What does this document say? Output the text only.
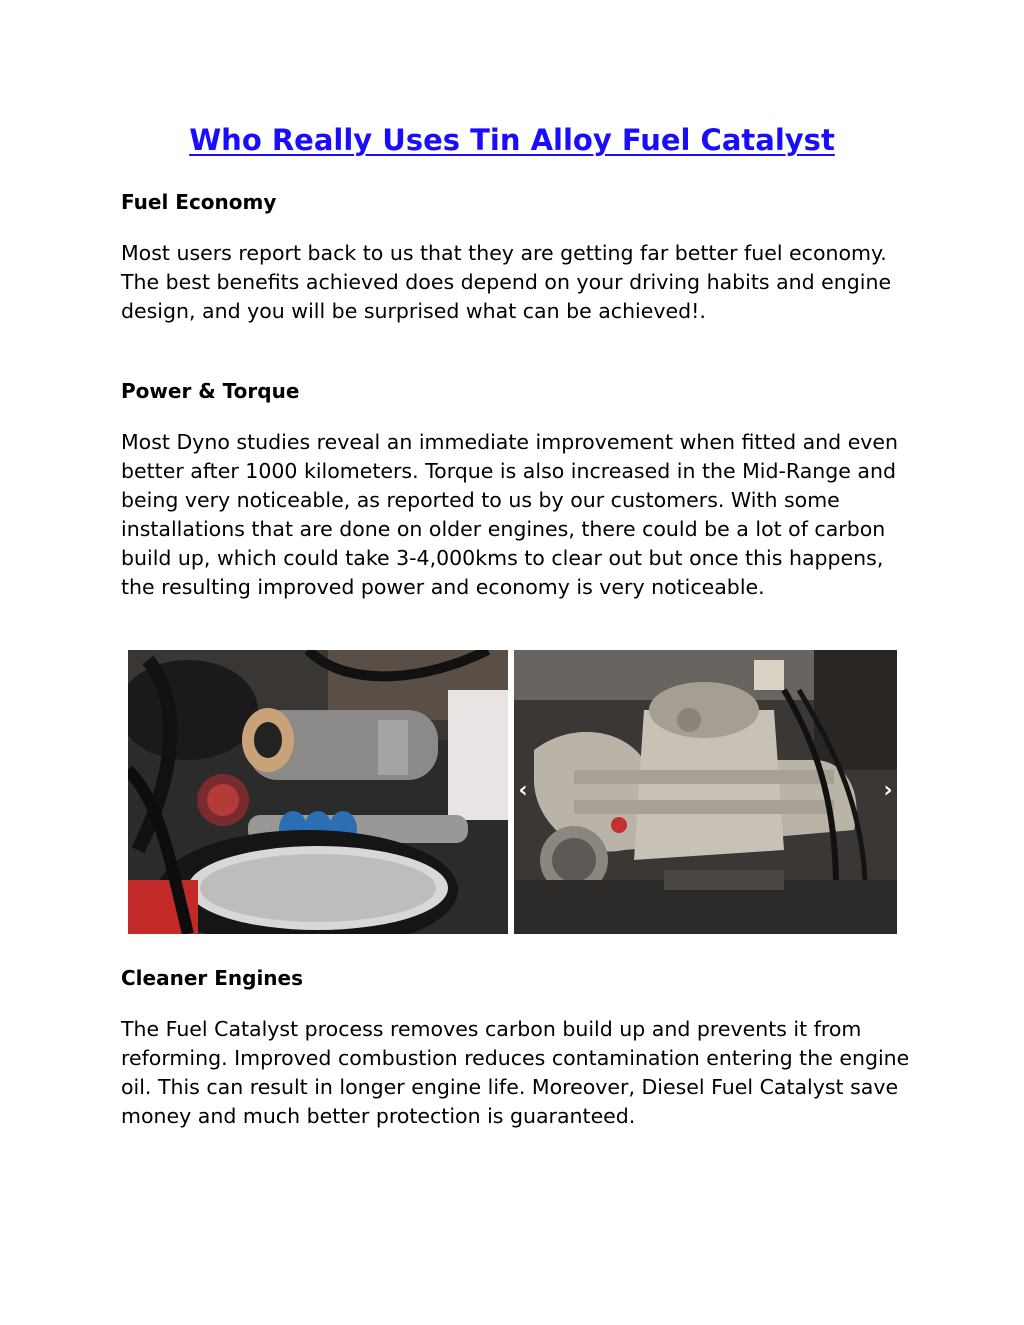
Who Really Uses Tin Alloy Fuel Catalyst
Fuel Economy

Most users report back to us that they are getting far better fuel economy. The best benefits achieved does depend on your driving habits and engine design, and you will be surprised what can be achieved!.

Power & Torque

Most Dyno studies reveal an immediate improvement when fitted and even better after 1000 kilometers. Torque is also increased in the Mid-Range and being very noticeable, as reported to us by our customers. With some installations that are done on older engines, there could be a lot of carbon build up, which could take 3-4,000kms to clear out but once this happens, the resulting improved power and economy is very noticeable.

‹	›
Cleaner Engines

The Fuel Catalyst process removes carbon build up and prevents it from reforming. Improved combustion reduces contamination entering the engine oil. This can result in longer engine life. Moreover, Diesel Fuel Catalyst save money and much better protection is guaranteed.
